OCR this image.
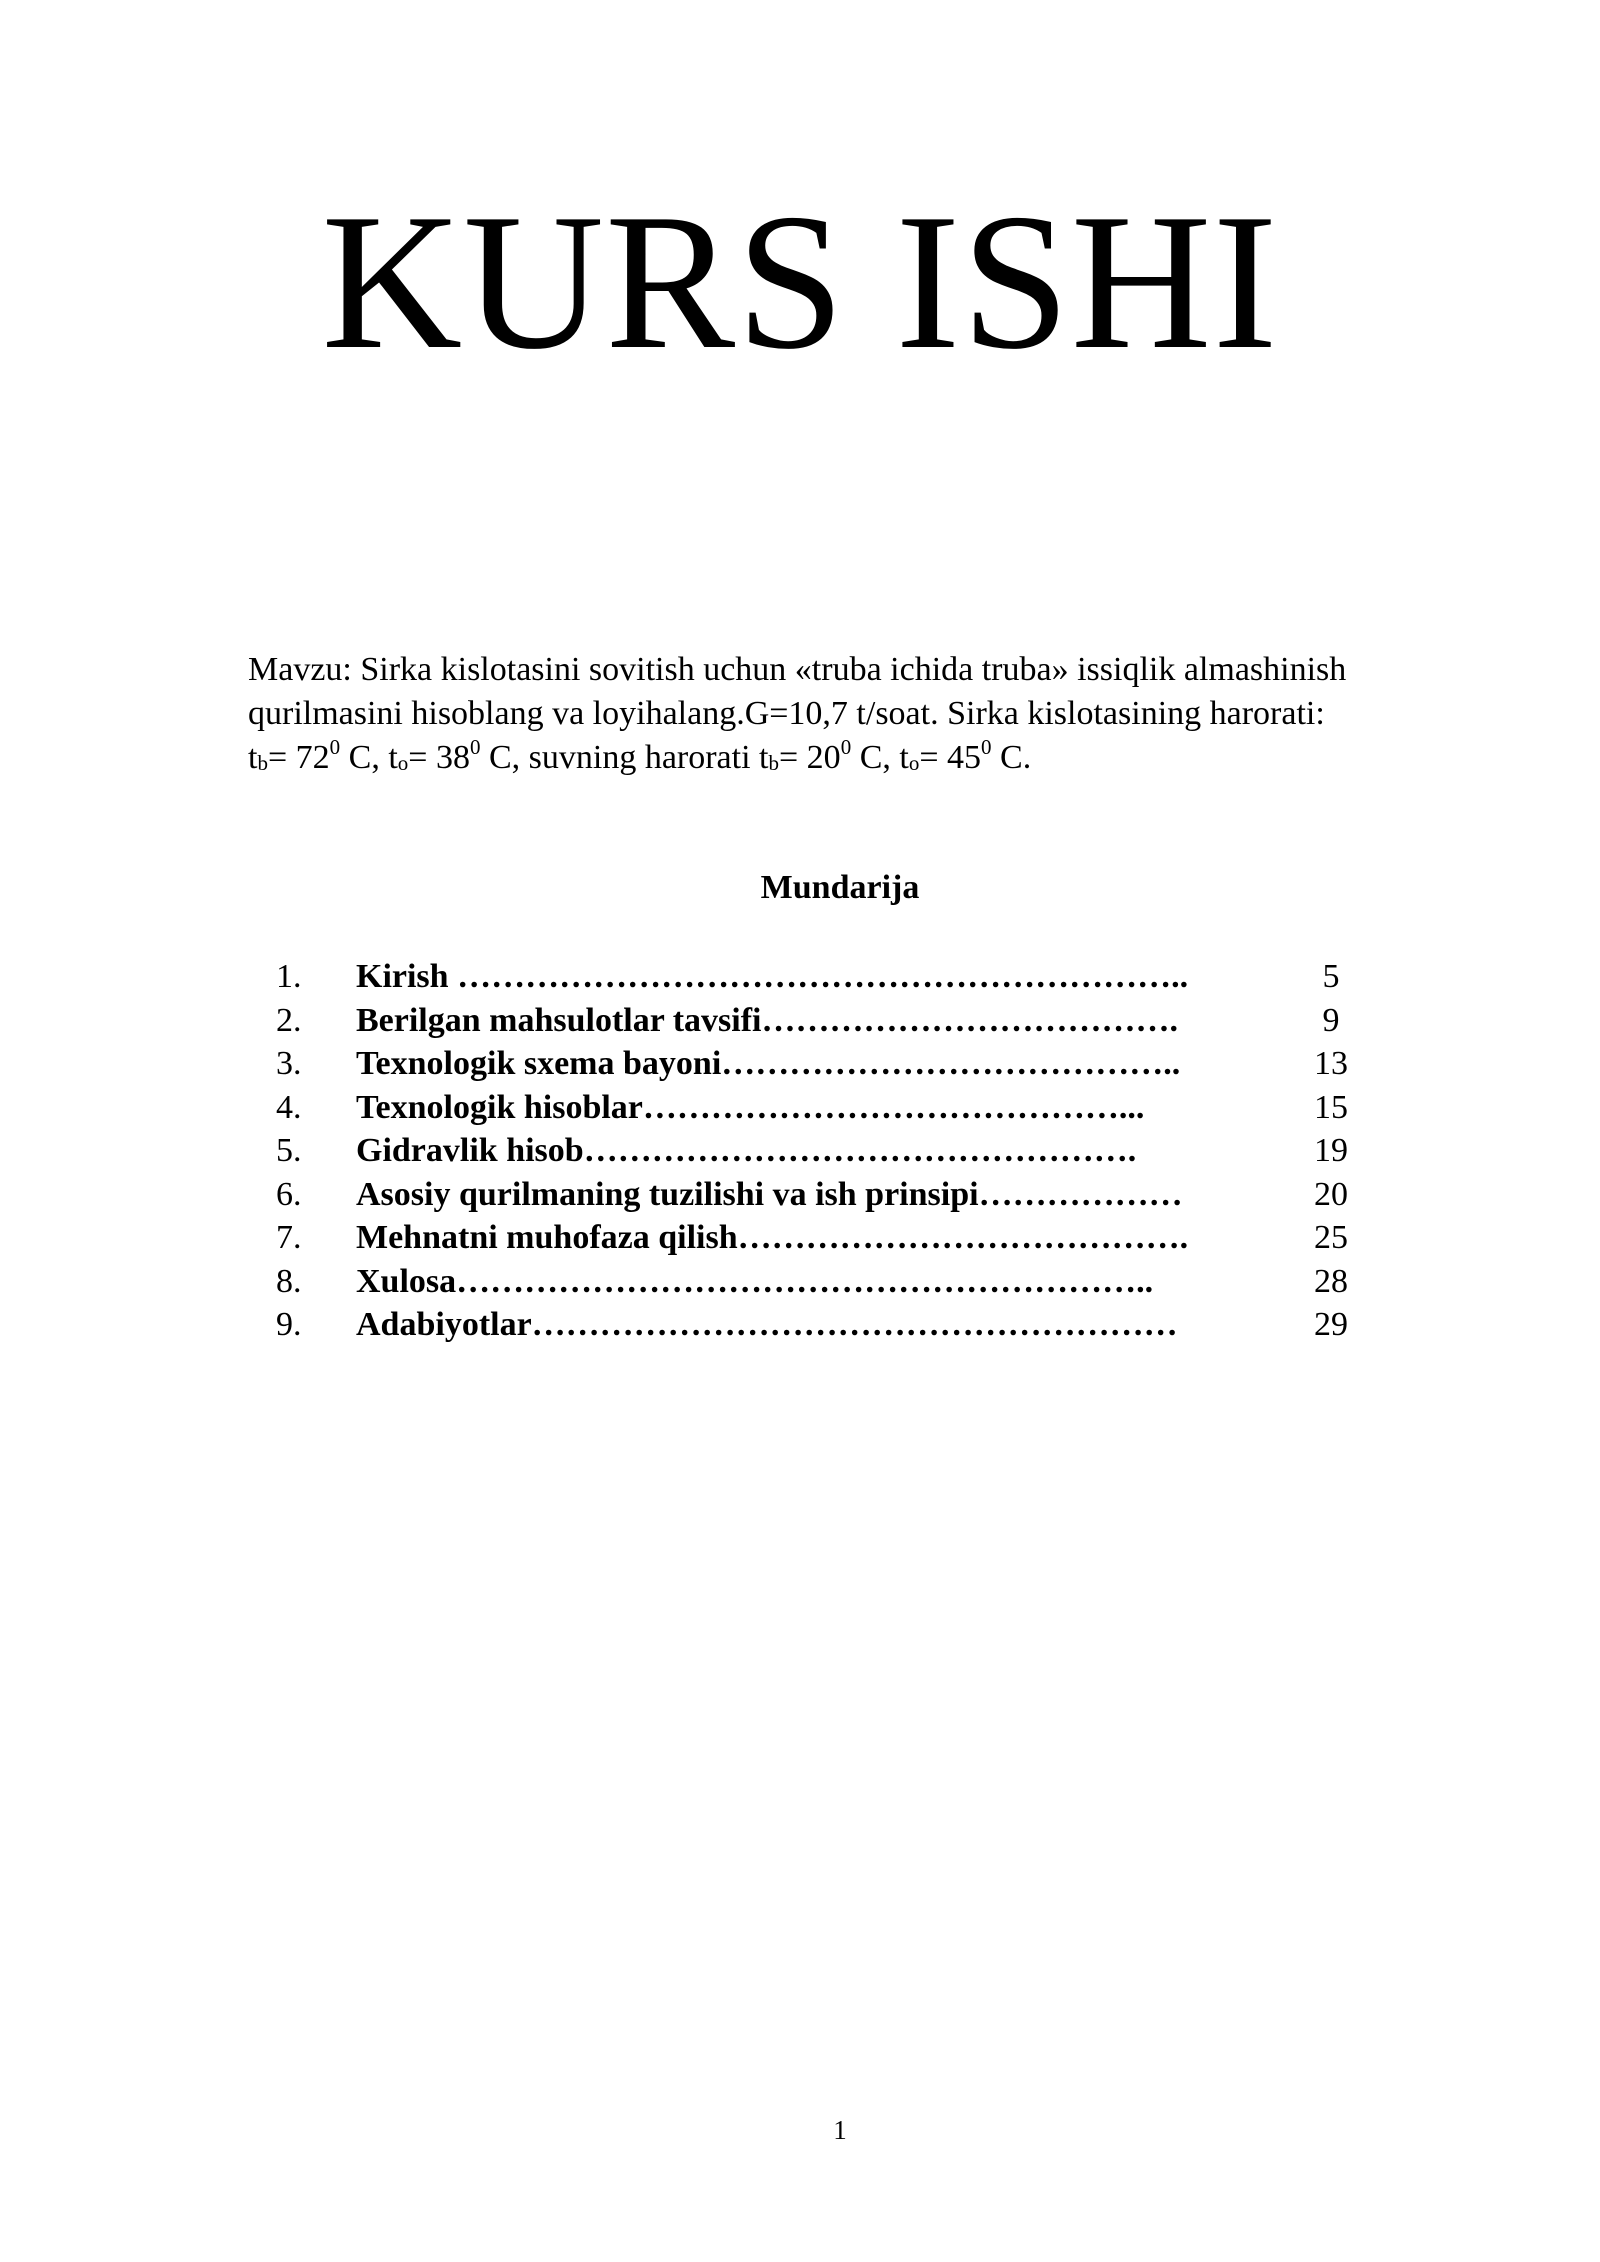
KURS ISHI

Mavzu: Sirka kislotasini sovitish uchun «truba ichida truba» issiqlik almashinish
qurilmasini hisoblang va loyihalang.G=10,7 t/soat. Sirka kislotasining harorati:
$t_b= 72^0$ C, $t_o= 38^0$ C, suvning harorati $t_b= 20^0$ C, $t_o= 45^0$ C.

Mundarija
1.	Kirish ………………………………………………………..	5
2.	Berilgan mahsulotlar tavsifi……………………………….	9
3.	Texnologik sxema bayoni…………………………………..	13
4.	Texnologik hisoblar……………………………………...	15
5.	Gidravlik hisob………………………………………….	19
6.	Asosiy qurilmaning tuzilishi va ish prinsipi………………	20
7.	Mehnatni muhofaza qilish………………………………….	25
8.	Xulosa……………………………………………………..	28
9.	Adabiyotlar…………………………………………………	29

1
